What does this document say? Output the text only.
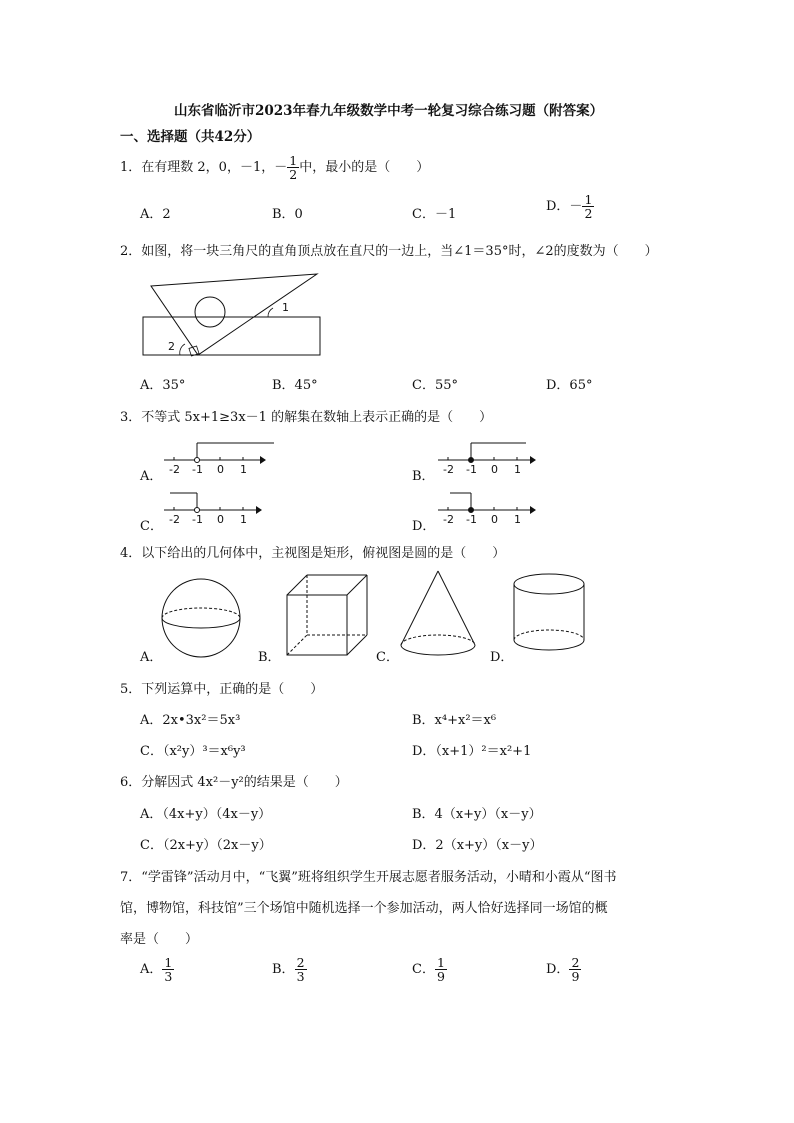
山东省临沂市2023年春九年级数学中考一轮复习综合练习题（附答案）
一、选择题（共42分）
1．在有理数 2，0，－1，－ $\frac{1}{2}$ 中，最小的是（　　）
A．2	B．0	C．－1
D．－ $\frac{1}{2}$
2．如图，将一块三角尺的直角顶点放在直尺的一边上，当∠1＝35°时，∠2的度数为（　　）
1
2
A．35°	B．45°	C．55°	D．65°
3．不等式 5x+1≥3x－1 的解集在数轴上表示正确的是（　　）
A．	B．
C．	D．
-2 -1 0 1	-2 -1 0 1
-2 -1 0 1	-2 -1 0 1
4．以下给出的几何体中，主视图是矩形，俯视图是圆的是（　　）
A．	B．	C．	D．
5．下列运算中，正确的是（　　）
A．2x•3x²＝5x³	B．x⁴+x²＝x⁶
C．（x²y）³＝x⁶y³	D．（x+1）²＝x²+1
6．分解因式 4x²－y²的结果是（　　）
A．（4x+y）（4x－y）	B．4（x+y）（x－y）
C．（2x+y）（2x－y）	D．2（x+y）（x－y）
7．“学雷锋”活动月中，“飞翼”班将组织学生开展志愿者服务活动，小晴和小霞从“图书
馆，博物馆，科技馆”三个场馆中随机选择一个参加活动，两人恰好选择同一场馆的概
率是（　　）
A． $\frac{1}{3}$	B． $\frac{2}{3}$	C． $\frac{1}{9}$	D． $\frac{2}{9}$
